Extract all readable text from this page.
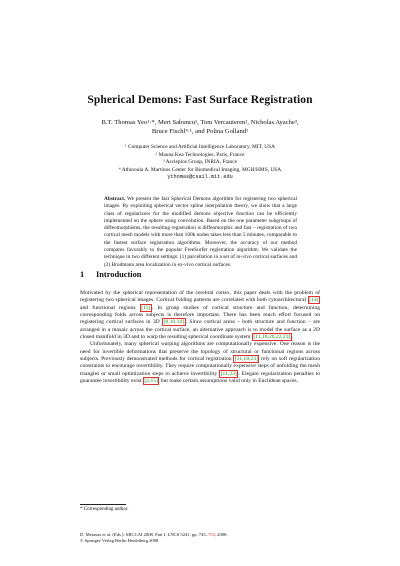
Spherical Demons: Fast Surface Registration
B.T. Thomas Yeo¹·*, Mert Sabuncu¹, Tom Vercauteren², Nicholas Ayache³,
Bruce Fischl⁴·¹, and Polina Golland¹
¹ Computer Science and Artificial Intelligence Laboratory, MIT, USA
² Mauna Kea Technologies, Paris, France
³ Asclepios Group, INRIA, France
⁴ Athinoula A. Martinos Center for Biomedical Imaging, MGH/HMS, USA
ythomas@csail.mit.edu
Abstract. We present the fast Spherical Demons algorithm for registering two spherical images. By exploiting spherical vector spline interpolation theory, we show that a large class of regularizors for the modified demons objective function can be efficiently implemented on the sphere using convolution. Based on the one parameter subgroups of diffeomorphisms, the resulting registration is diffeomorphic and fast – registration of two cortical mesh models with more than 100k nodes takes less than 5 minutes, comparable to the fastest surface registration algorithms. Moreover, the accuracy of our method compares favorably to the popular FreeSurfer registration algorithm. We validate the technique in two different settings: (1) parcellation in a set of in-vivo cortical surfaces and (2) Brodmann area localization in ex-vivo cortical surfaces.
1 Introduction

Motivated by the spherical representation of the cerebral cortex, this paper deals with the problem of registering two spherical images. Cortical folding patterns are correlated with both cytoarchitectural [14] and functional regions [11] . In group studies of cortical structure and function, determining corresponding folds across subjects is therefore important. There has been much effort focused on registering cortical surfaces in 3D [8,10,14] . Since cortical areas – both structure and function – are arranged in a mosaic across the cortical surface, an alternative approach is to model the surface as a 2D closed manifold in 3D and to warp the resulting spherical coordinate system [11,18,20,22,23] .

Unfortunately, many spherical warping algorithms are computationally expensive. One reason is the need for invertible deformations that preserve the topology of structural or functional regions across subjects. Previously demonstrated methods for cortical registration [11,18,23] rely on soft regularization constraints to encourage invertibility. They require computationally expensive steps of unfolding the mesh triangles or small optimization steps to achieve invertibility [11,23] . Elegant regularization penalties to guarantee invertibility exist [2,15] but make certain assumptions valid only in Euclidean spaces.

* Corresponding author.
D. Metaxas et al. (Eds.): MICCAI 2008, Part I, LNCS 5241, pp. 745–753, 2008.
© Springer-Verlag Berlin Heidelberg 2008
